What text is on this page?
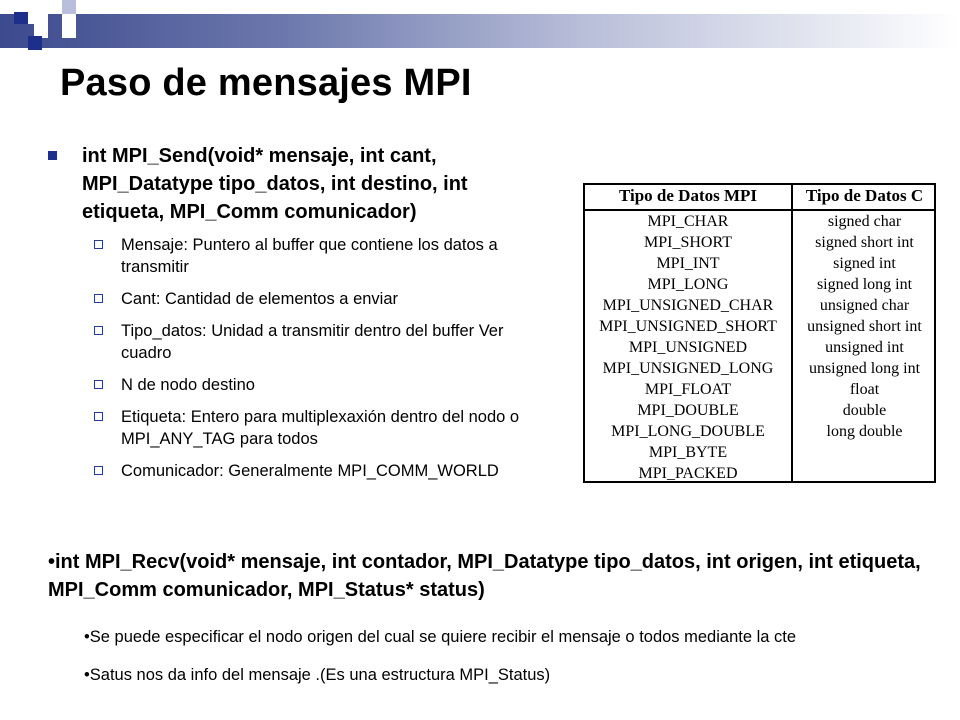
Paso de mensajes MPI
int MPI_Send(void* mensaje, int cant, MPI_Datatype tipo_datos, int destino, int etiqueta, MPI_Comm comunicador)
Mensaje: Puntero al buffer que contiene los datos a transmitir
Cant: Cantidad de elementos a enviar
Tipo_datos: Unidad a transmitir dentro del buffer Ver cuadro
N de nodo destino
Etiqueta: Entero para multiplexaxión dentro del nodo o MPI_ANY_TAG para todos
Comunicador: Generalmente MPI_COMM_WORLD
Tipo de Datos MPI	Tipo de Datos C
MPI_CHAR
MPI_SHORT
MPI_INT
MPI_LONG
MPI_UNSIGNED_CHAR
MPI_UNSIGNED_SHORT
MPI_UNSIGNED
MPI_UNSIGNED_LONG
MPI_FLOAT
MPI_DOUBLE
MPI_LONG_DOUBLE
MPI_BYTE
MPI_PACKED
signed char
signed short int
signed int
signed long int
unsigned char
unsigned short int
unsigned int
unsigned long int
float
double
long double
•int MPI_Recv(void* mensaje, int contador, MPI_Datatype tipo_datos, int origen, int etiqueta, MPI_Comm comunicador, MPI_Status* status)
•Se puede especificar el nodo origen del cual se quiere recibir el mensaje o todos mediante la cte
•Satus nos da info del mensaje .(Es una estructura MPI_Status)
